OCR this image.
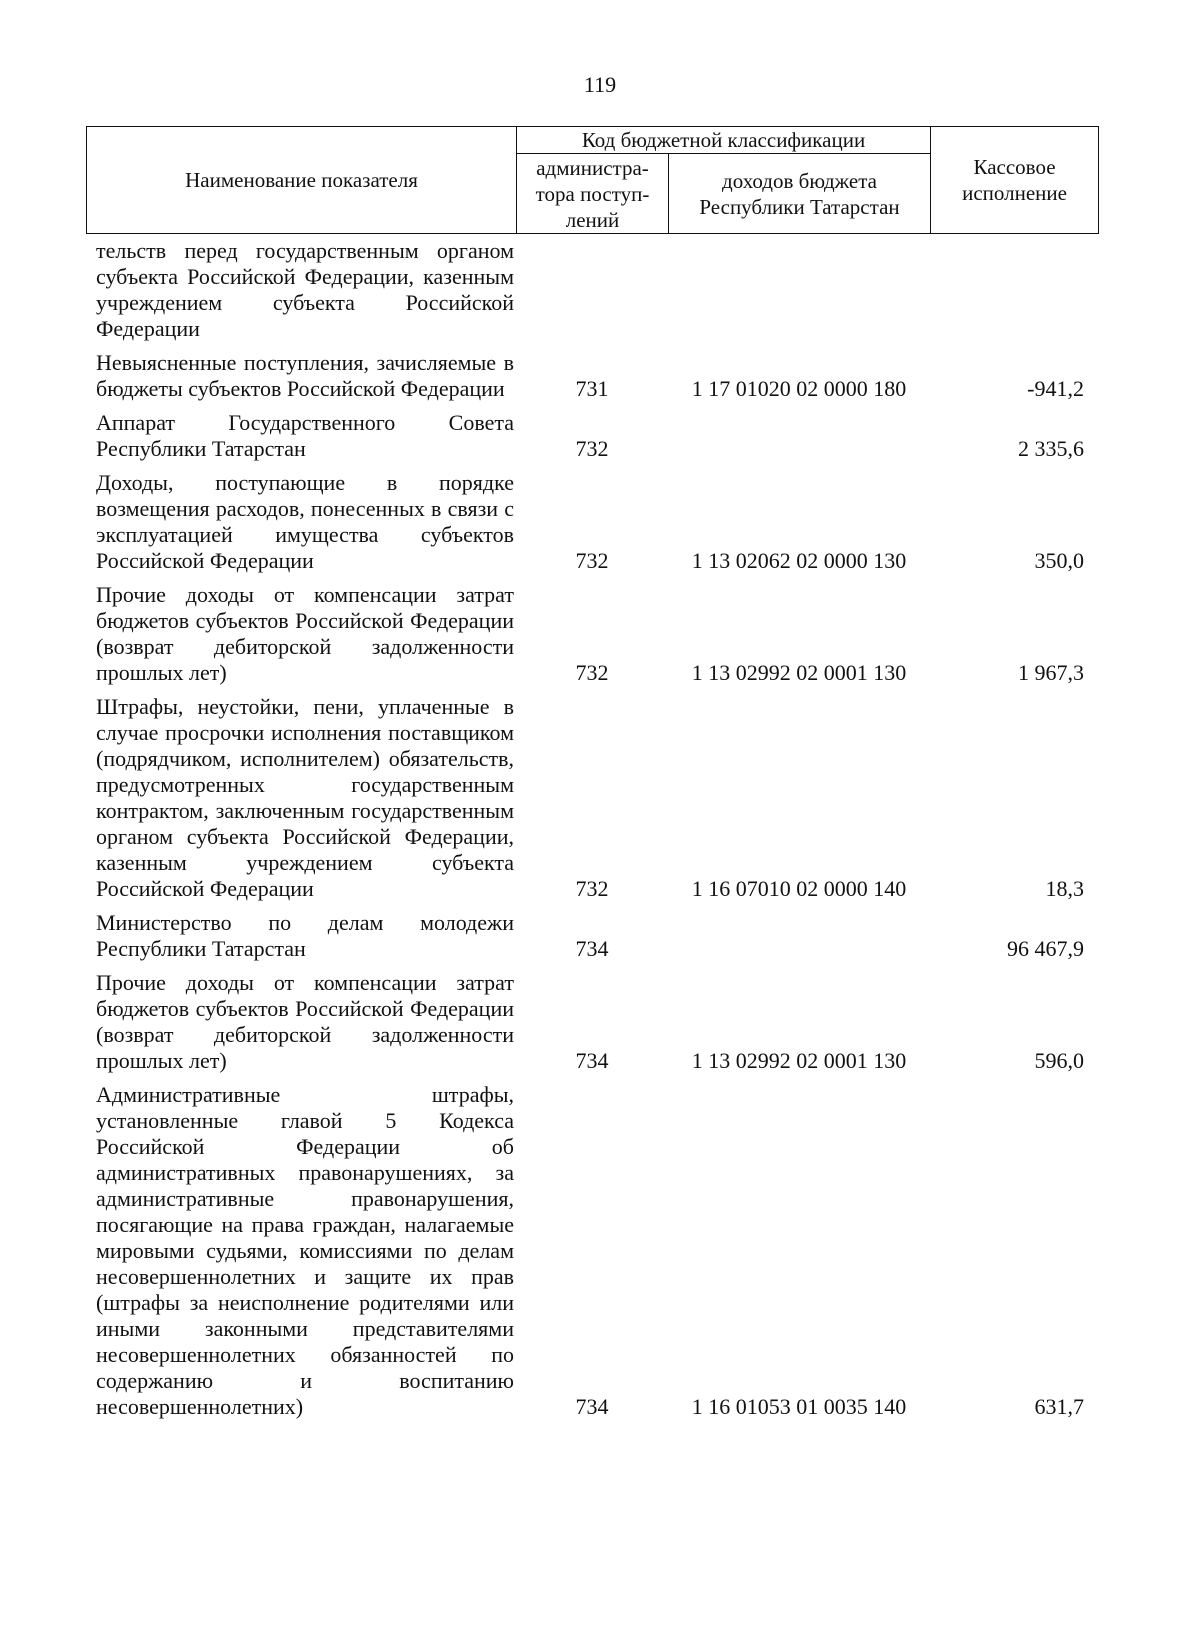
119
Наименование показателя	Код бюджетной классификации		Кассовое исполнение
	администра-тора поступ-лений	доходов бюджета Республики Татарстан	
тельств перед государственным органом субъекта Российской Федерации, казенным учреждением субъекта Российской Федерации			
Невыясненные поступления, зачисляемые в бюджеты субъектов Российской Федерации	731	1 17 01020 02 0000 180	-941,2
Аппарат Государственного Совета Республики Татарстан	732		2 335,6
Доходы, поступающие в порядке возмещения расходов, понесенных в связи с эксплуатацией имущества субъектов Российской Федерации	732	1 13 02062 02 0000 130	350,0
Прочие доходы от компенсации затрат бюджетов субъектов Российской Федерации (возврат дебиторской задолженности прошлых лет)	732	1 13 02992 02 0001 130	1 967,3
Штрафы, неустойки, пени, уплаченные в случае просрочки исполнения поставщиком (подрядчиком, исполнителем) обязательств, предусмотренных государственным контрактом, заключенным государственным органом субъекта Российской Федерации, казенным учреждением субъекта Российской Федерации	732	1 16 07010 02 0000 140	18,3
Министерство по делам молодежи Республики Татарстан	734		96 467,9
Прочие доходы от компенсации затрат бюджетов субъектов Российской Федерации (возврат дебиторской задолженности прошлых лет)	734	1 13 02992 02 0001 130	596,0
Административные штрафы, установленные главой 5 Кодекса Российской Федерации об административных правонарушениях, за административные правонарушения, посягающие на права граждан, налагаемые мировыми судьями, комиссиями по делам несовершеннолетних и защите их прав (штрафы за неисполнение родителями или иными законными представителями несовершеннолетних обязанностей по содержанию и воспитанию несовершеннолетних)	734	1 16 01053 01 0035 140	631,7
